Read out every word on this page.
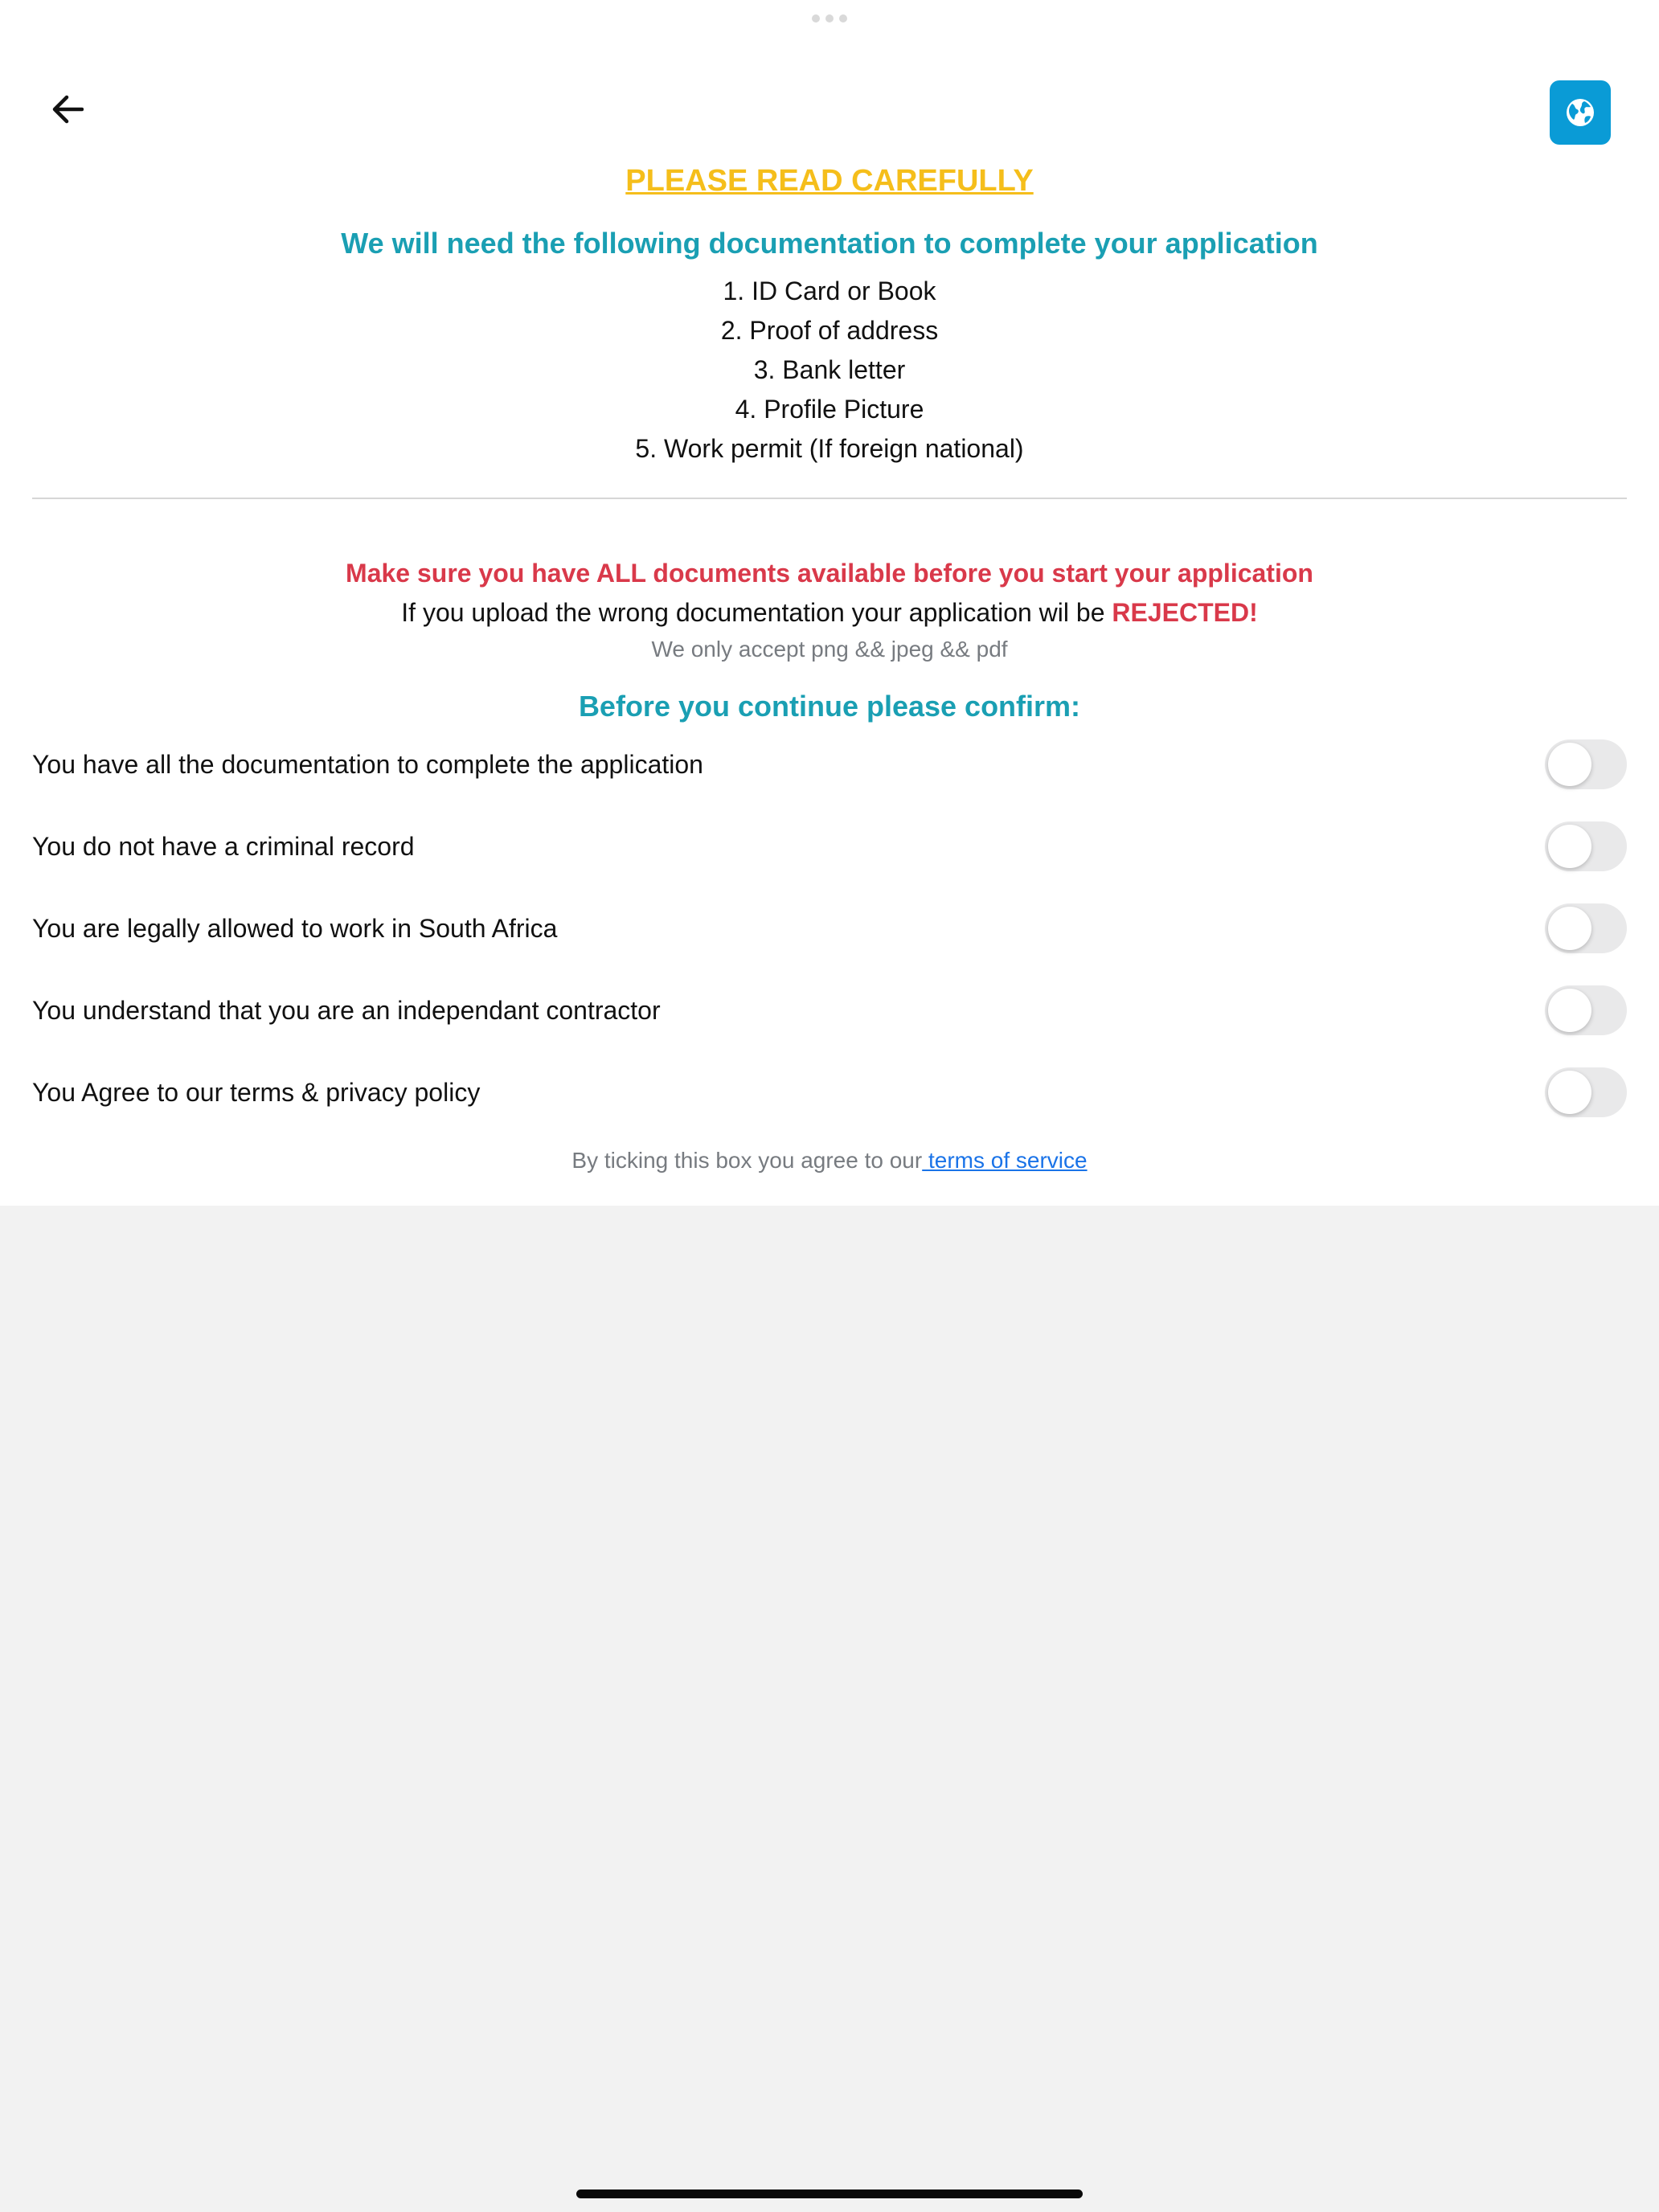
PLEASE READ CAREFULLY
We will need the following documentation to complete your application
1. ID Card or Book
2. Proof of address
3. Bank letter
4. Profile Picture
5. Work permit (If foreign national)
Make sure you have ALL documents available before you start your application
If you upload the wrong documentation your application wil be REJECTED!
We only accept png && jpeg && pdf
Before you continue please confirm:
You have all the documentation to complete the application
You do not have a criminal record
You are legally allowed to work in South Africa
You understand that you are an independant contractor
You Agree to our terms & privacy policy
By ticking this box you agree to our terms of service
